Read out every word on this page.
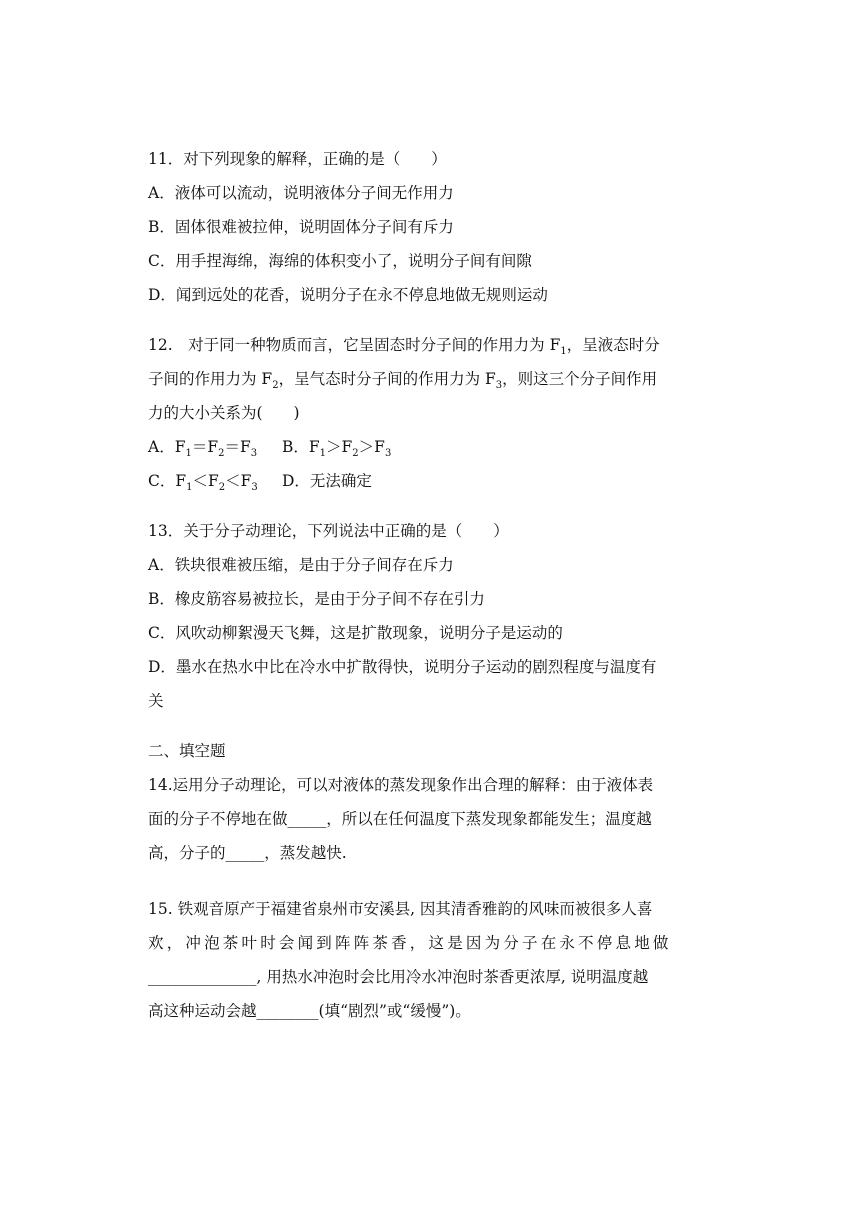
11．对下列现象的解释，正确的是（　　）
A．液体可以流动，说明液体分子间无作用力
B．固体很难被拉伸，说明固体分子间有斥力
C．用手捏海绵，海绵的体积变小了，说明分子间有间隙
D．闻到远处的花香，说明分子在永不停息地做无规则运动
12.　对于同一种物质而言，它呈固态时分子间的作用力为 $F_1$，呈液态时分
子间的作用力为 $F_2$，呈气态时分子间的作用力为 $F_3$，则这三个分子间作用
力的大小关系为(　　)
A．$F_1=F_2=F_3$	B．$F_1>F_2>F_3$
C．$F_1<F_2<F_3$	D．无法确定
13．关于分子动理论，下列说法中正确的是（　　）
A．铁块很难被压缩，是由于分子间存在斥力
B．橡皮筋容易被拉长，是由于分子间不存在引力
C．风吹动柳絮漫天飞舞，这是扩散现象，说明分子是运动的
D．墨水在热水中比在冷水中扩散得快，说明分子运动的剧烈程度与温度有
关
二、填空题
14.运用分子动理论，可以对液体的蒸发现象作出合理的解释：由于液体表
面的分子不停地在做_____，所以在任何温度下蒸发现象都能发生；温度越
高，分子的_____，蒸发越快.
15. 铁观音原产于福建省泉州市安溪县, 因其清香雅韵的风味而被很多人喜
欢，冲泡茶叶时会闻到阵阵茶香，这是因为分子在永不停息地做
______________, 用热水冲泡时会比用冷水冲泡时茶香更浓厚, 说明温度越
高这种运动会越________(填“剧烈”或“缓慢”)。
